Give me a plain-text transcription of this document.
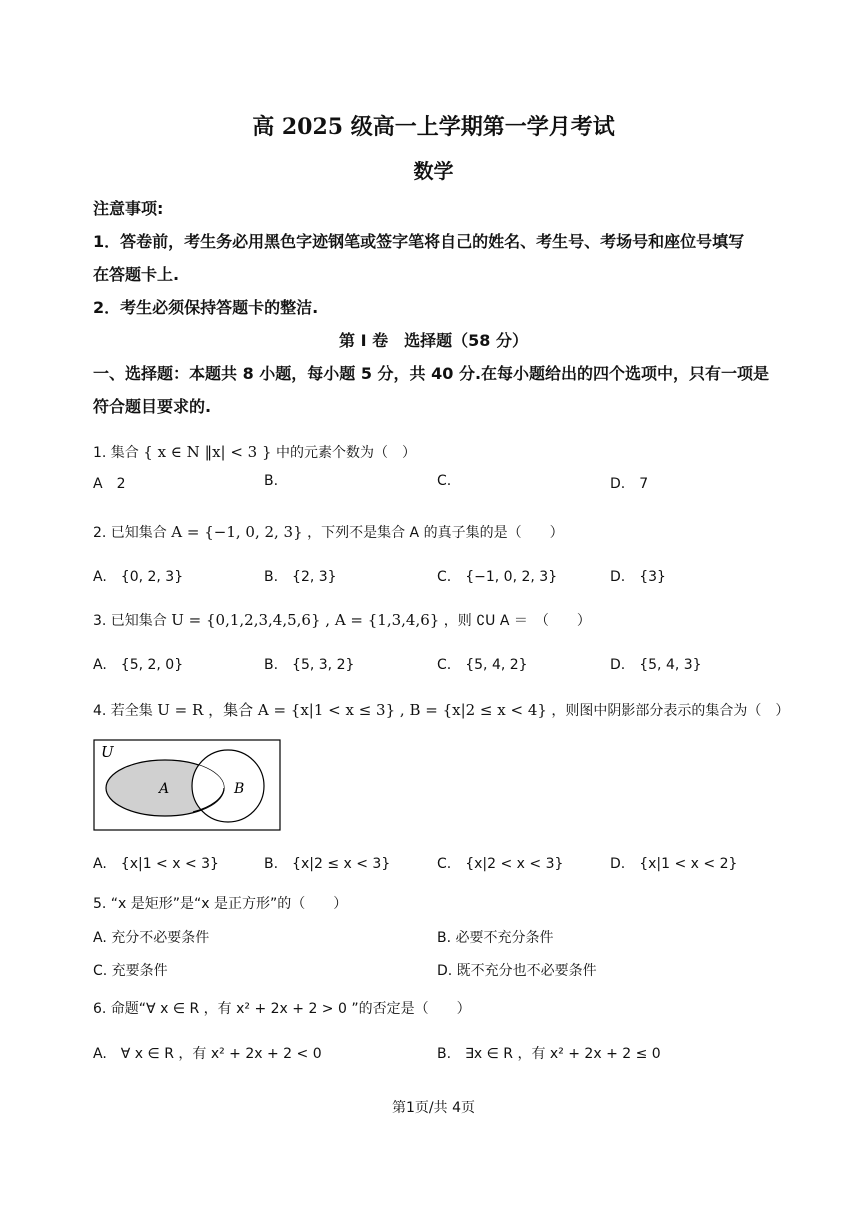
高 2025 级高一上学期第一学月考试
数学
注意事项:
1．答卷前，考生务必用黑色字迹钢笔或签字笔将自己的姓名、考生号、考场号和座位号填写
在答题卡上.
2．考生必须保持答题卡的整洁.
第 I 卷　选择题（58 分）
一、选择题：本题共 8 小题，每小题 5 分，共 40 分.在每小题给出的四个选项中，只有一项是
符合题目要求的.
1. 集合 { x ∈ N ‖x| < 3 } 中的元素个数为（　）
A　2	B.	C.	D.　7
2. 已知集合 A = {−1, 0, 2, 3} ，下列不是集合 A 的真子集的是（　　）
A.　{0, 2, 3}	B.　{2, 3}	C.　{−1, 0, 2, 3}	D.　{3}
3. 已知集合 U = {0,1,2,3,4,5,6} , A = {1,3,4,6} ，则 ∁U A ＝　（　　）
A.　{5, 2, 0}	B.　{5, 3, 2}	C.　{5, 4, 2}	D.　{5, 4, 3}
4. 若全集 U = R ，集合 A = {x|1 < x ≤ 3} , B = {x|2 ≤ x < 4} ，则图中阴影部分表示的集合为（　）
U
A	B
A.　{x|1 < x < 3}	B.　{x|2 ≤ x < 3}	C.　{x|2 < x < 3}	D.　{x|1 < x < 2}
5. “x 是矩形”是“x 是正方形”的（　　）
A. 充分不必要条件	B. 必要不充分条件
C. 充要条件	D. 既不充分也不必要条件
6. 命题“∀ x ∈ R ，有 x² + 2x + 2 > 0 ”的否定是（　　）
A.　∀ x ∈ R ，有 x² + 2x + 2 < 0	B.　∃x ∈ R ，有 x² + 2x + 2 ≤ 0
第1页/共 4页
